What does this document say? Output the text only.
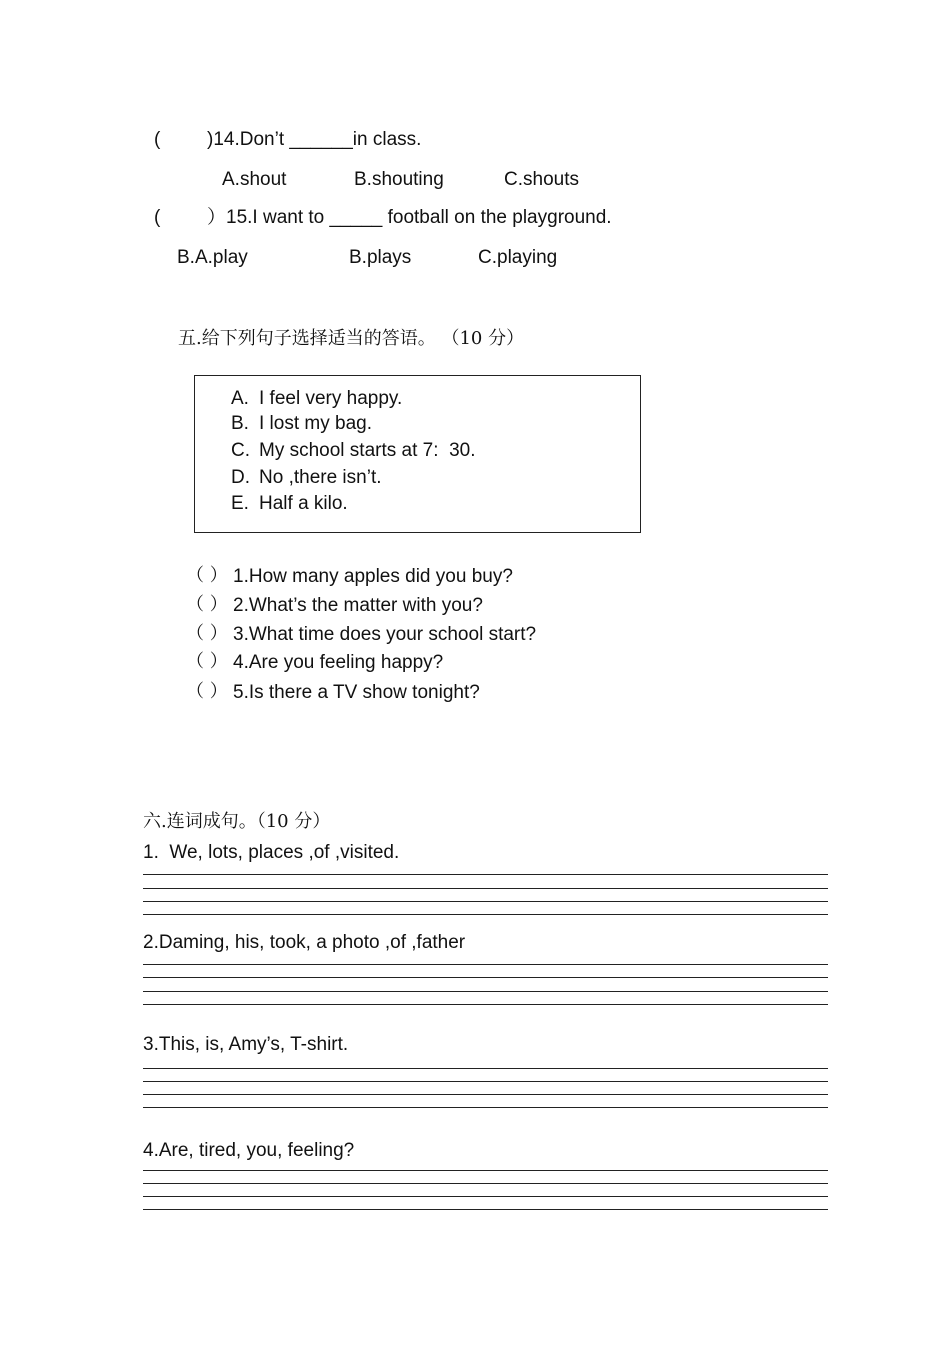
( )14.Don’t ______in class.
A.shout	B.shouting	C.shouts
( ）15.I want to _____ football on the playground.
B.A.play	B.plays	C.playing
五.给下列句子选择适当的答语。 （10 分）
A. I feel very happy.
B. I lost my bag.
C. My school starts at 7:  30.
D. No ,there isn’t.
E. Half a kilo.
（ ） 1.How many apples did you buy?
（ ） 2.What’s the matter with you?
（ ） 3.What time does your school start?
（ ） 4.Are you feeling happy?
（ ） 5.Is there a TV show tonight?
六.连词成句。（10 分）
1.  We, lots, places ,of ,visited.
2.Daming, his, took, a photo ,of ,father
3.This, is, Amy’s, T-shirt.
4.Are, tired, you, feeling?
